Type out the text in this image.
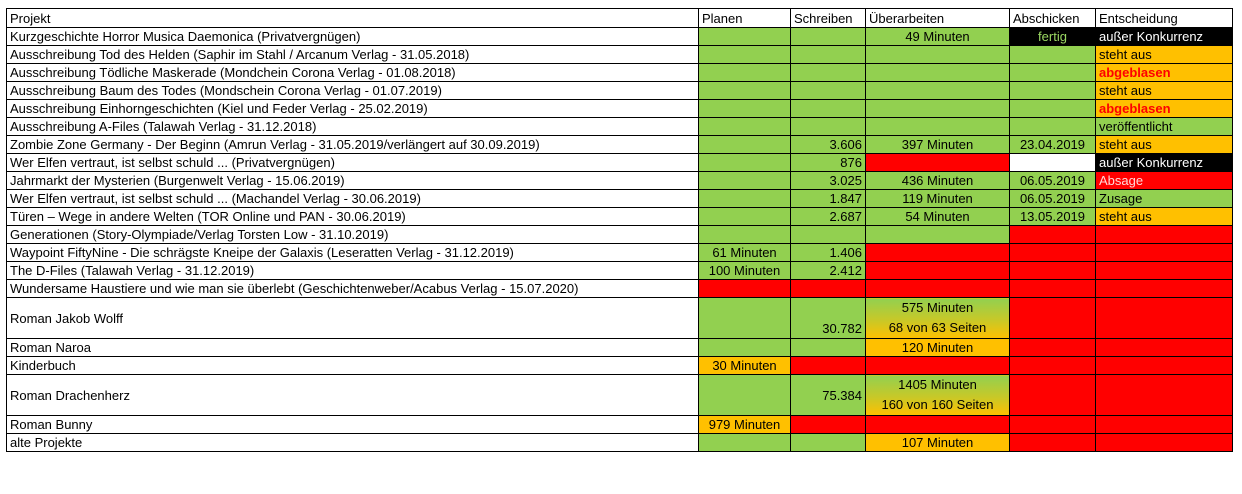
Projekt	Planen	Schreiben	Überarbeiten	Abschicken	Entscheidung
Kurzgeschichte Horror Musica Daemonica (Privatvergnügen)			49 Minuten	fertig	außer Konkurrenz
Ausschreibung Tod des Helden (Saphir im Stahl / Arcanum Verlag - 31.05.2018)					steht aus
Ausschreibung Tödliche Maskerade (Mondchein Corona Verlag - 01.08.2018)					abgeblasen
Ausschreibung Baum des Todes (Mondschein Corona Verlag - 01.07.2019)					steht aus
Ausschreibung Einhorngeschichten (Kiel und Feder Verlag - 25.02.2019)					abgeblasen
Ausschreibung A-Files (Talawah Verlag - 31.12.2018)					veröffentlicht
Zombie Zone Germany - Der Beginn (Amrun Verlag - 31.05.2019/verlängert auf 30.09.2019)		3.606	397 Minuten	23.04.2019	steht aus
Wer Elfen vertraut, ist selbst schuld ... (Privatvergnügen)		876			außer Konkurrenz
Jahrmarkt der Mysterien (Burgenwelt Verlag - 15.06.2019)		3.025	436 Minuten	06.05.2019	Absage
Wer Elfen vertraut, ist selbst schuld ... (Machandel Verlag - 30.06.2019)		1.847	119 Minuten	06.05.2019	Zusage
Türen – Wege in andere Welten (TOR Online und PAN - 30.06.2019)		2.687	54 Minuten	13.05.2019	steht aus
Generationen (Story-Olympiade/Verlag Torsten Low - 31.10.2019)					
Waypoint FiftyNine - Die schrägste Kneipe der Galaxis (Leseratten Verlag - 31.12.2019)	61 Minuten	1.406			
The D-Files (Talawah Verlag - 31.12.2019)	100 Minuten	2.412			
Wundersame Haustiere und wie man sie überlebt (Geschichtenweber/Acabus Verlag - 15.07.2020)					
Roman Jakob Wolff		30.782	575 Minuten
68 von 63 Seiten		

Roman Naroa			120 Minuten		
Kinderbuch	30 Minuten				
Roman Drachenherz		75.384	1405 Minuten
160 von 160 Seiten		

Roman Bunny	979 Minuten				
alte Projekte			107 Minuten		
